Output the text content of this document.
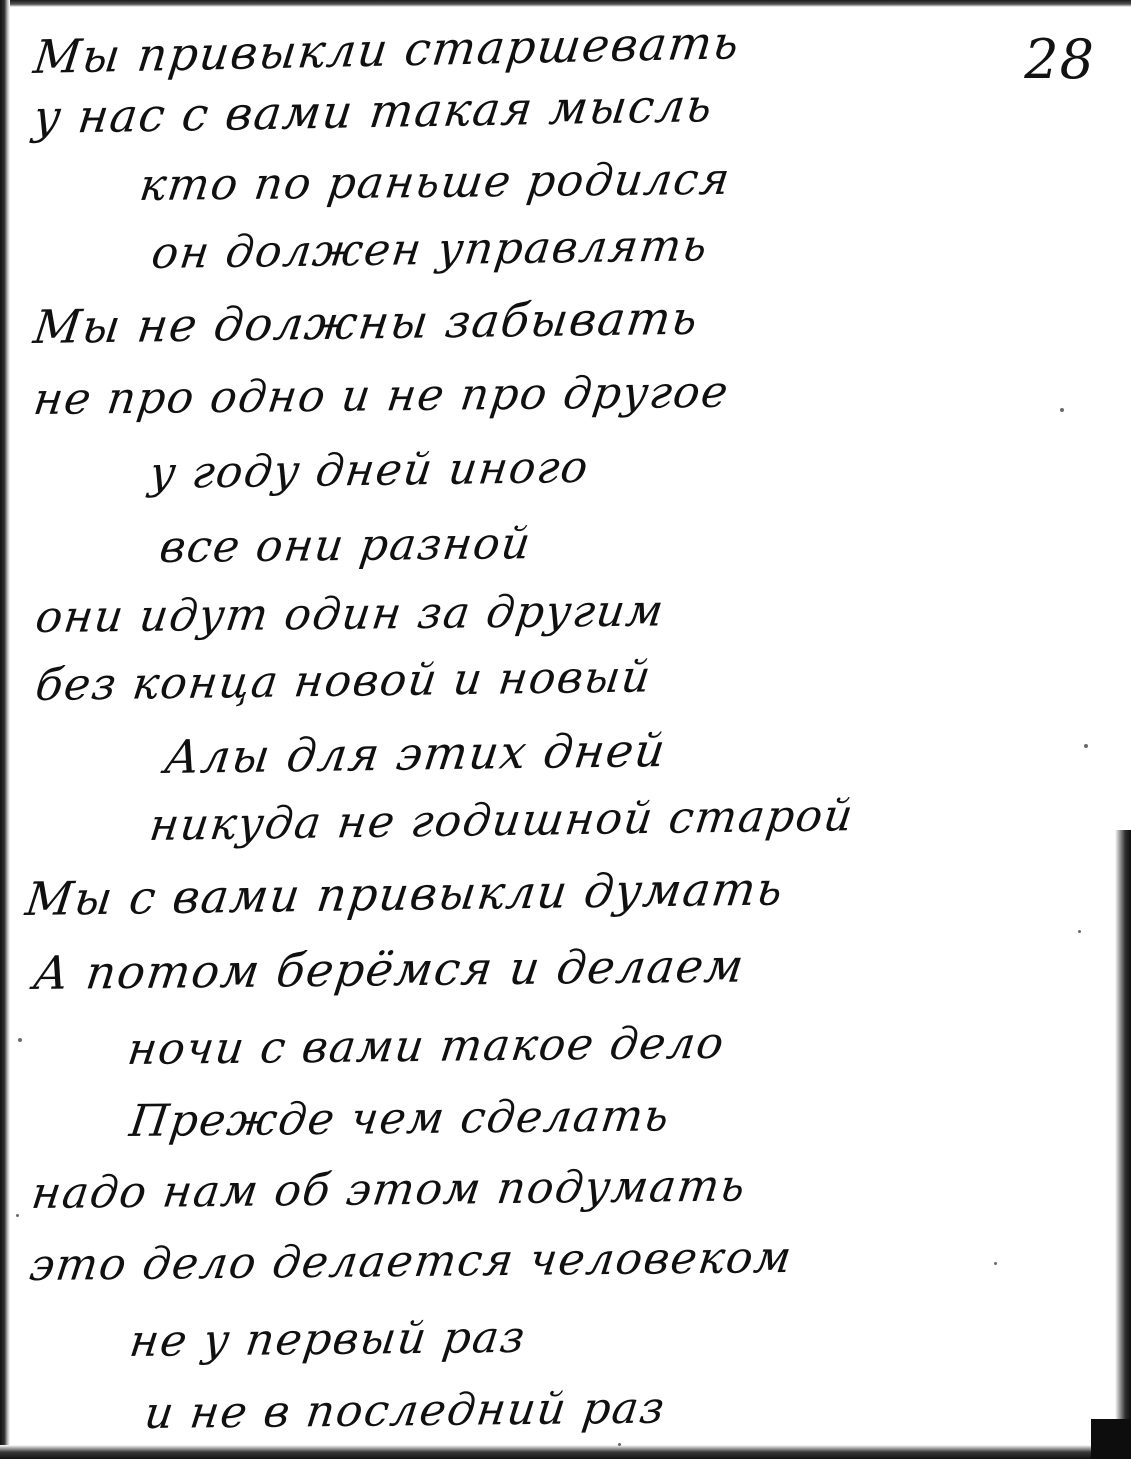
28
Мы привыкли старшевать
у нас с вами такая мысль
кто по раньше родился
он должен управлять
Мы не должны забывать
не про одно и не про другое
у году дней иного
все они разной
они идут один за другим
без конца новой и новый
Алы для этих дней
никуда не годишной старой
Мы с вами привыкли думать
А потом берёмся и делаем
ночи с вами такое дело
Прежде чем сделать
надо нам об этом подумать
это дело делается человеком
не у первый раз
и не в последний раз
